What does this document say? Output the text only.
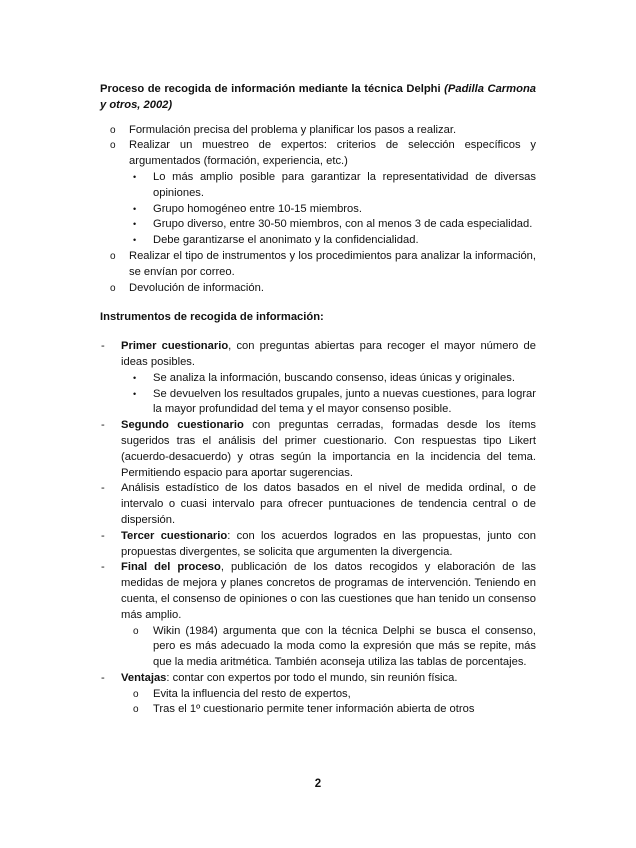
Proceso de recogida de información mediante la técnica Delphi (Padilla Carmona y otros, 2002)

o Formulación precisa del problema y planificar los pasos a realizar.

o Realizar un muestreo de expertos: criterios de selección específicos y argumentados (formación, experiencia, etc.)

• Lo más amplio posible para garantizar la representatividad de diversas opiniones.

• Grupo homogéneo entre 10-15 miembros.

• Grupo diverso, entre 30-50 miembros, con al menos 3 de cada especialidad.

• Debe garantizarse el anonimato y la confidencialidad.

o Realizar el tipo de instrumentos y los procedimientos para analizar la información, se envían por correo.

o Devolución de información.

Instrumentos de recogida de información:

- Primer cuestionario, con preguntas abiertas para recoger el mayor número de ideas posibles.

• Se analiza la información, buscando consenso, ideas únicas y originales.

• Se devuelven los resultados grupales, junto a nuevas cuestiones, para lograr la mayor profundidad del tema y el mayor consenso posible.

- Segundo cuestionario con preguntas cerradas, formadas desde los ítems sugeridos tras el análisis del primer cuestionario. Con respuestas tipo Likert (acuerdo-desacuerdo) y otras según la importancia en la incidencia del tema. Permitiendo espacio para aportar sugerencias.

- Análisis estadístico de los datos basados en el nivel de medida ordinal, o de intervalo o cuasi intervalo para ofrecer puntuaciones de tendencia central o de dispersión.

- Tercer cuestionario: con los acuerdos logrados en las propuestas, junto con propuestas divergentes, se solicita que argumenten la divergencia.

- Final del proceso, publicación de los datos recogidos y elaboración de las medidas de mejora y planes concretos de programas de intervención. Teniendo en cuenta, el consenso de opiniones o con las cuestiones que han tenido un consenso más amplio.

o Wikin (1984) argumenta que con la técnica Delphi se busca el consenso, pero es más adecuado la moda como la expresión que más se repite, más que la media aritmética. También aconseja utiliza las tablas de porcentajes.

- Ventajas: contar con expertos por todo el mundo, sin reunión física.

o Evita la influencia del resto de expertos,

o Tras el 1º cuestionario permite tener información abierta de otros

2
